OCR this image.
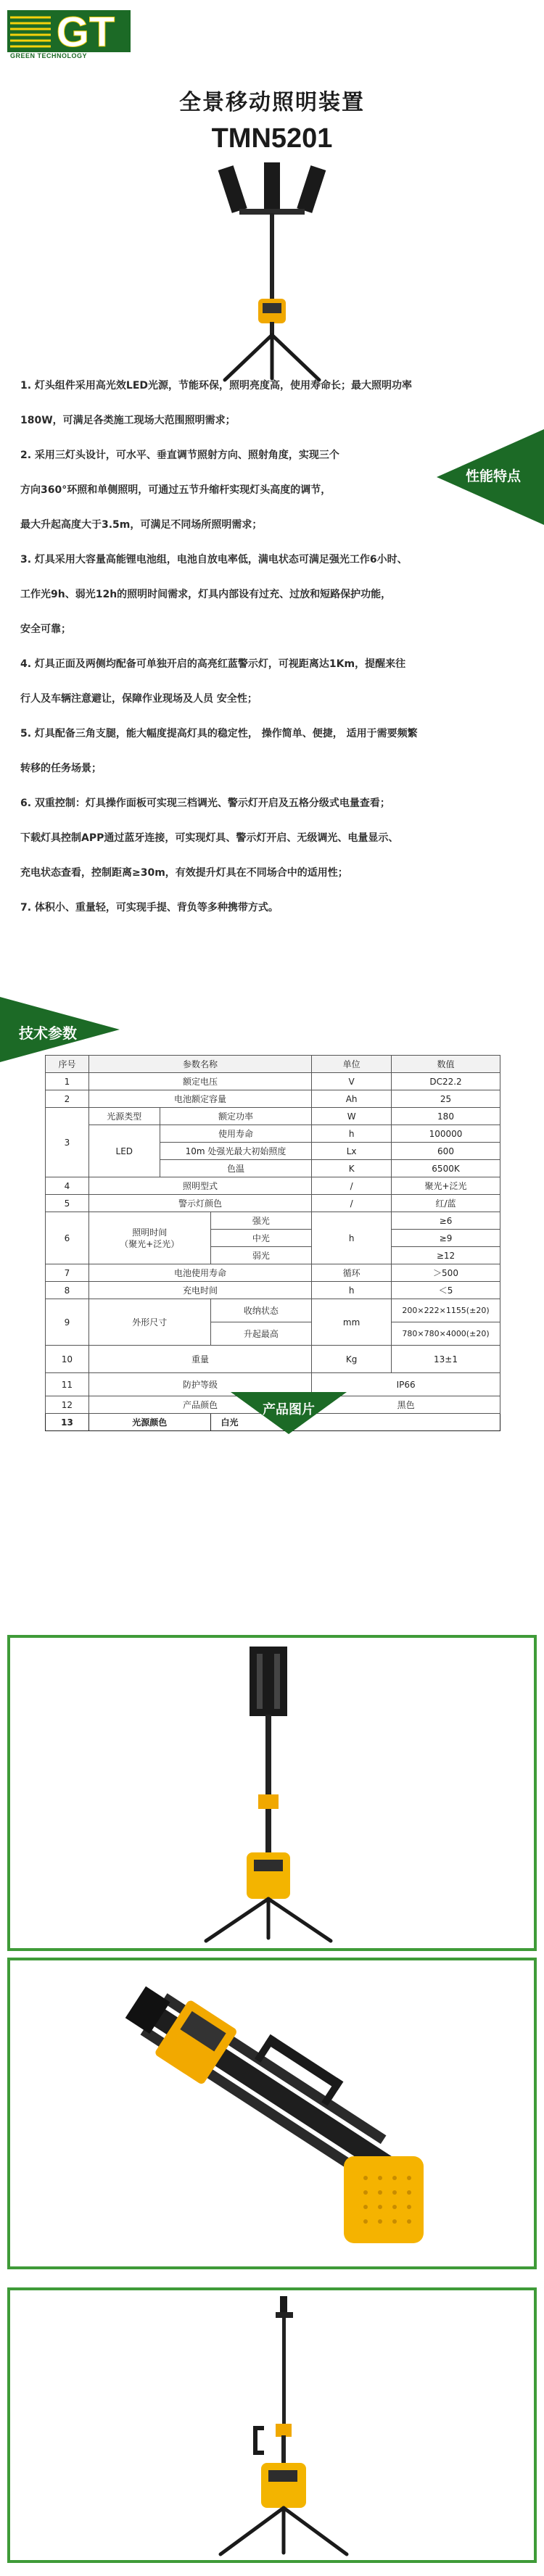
GT
GREEN TECHNOLOGY
全景移动照明装置
TMN5201
性能特点
1. 灯头组件采用高光效LED光源，节能环保，照明亮度高，使用寿命长；最大照明功率
180W，可满足各类施工现场大范围照明需求；
2. 采用三灯头设计，可水平、垂直调节照射方向、照射角度，实现三个
方向360°环照和单侧照明，可通过五节升缩杆实现灯头高度的调节，
最大升起高度大于3.5m，可满足不同场所照明需求；
3. 灯具采用大容量高能锂电池组，电池自放电率低，满电状态可满足强光工作6小时、
工作光9h、弱光12h的照明时间需求，灯具内部设有过充、过放和短路保护功能，
安全可靠；
4. 灯具正面及两侧均配备可单独开启的高亮红蓝警示灯，可视距离达1Km，提醒来往
行人及车辆注意避让，保障作业现场及人员 安全性；
5. 灯具配备三角支腿，能大幅度提高灯具的稳定性， 操作简单、便捷， 适用于需要频繁
转移的任务场景；
6. 双重控制：灯具操作面板可实现三档调光、警示灯开启及五格分级式电量查看；
下载灯具控制APP通过蓝牙连接，可实现灯具、警示灯开启、无级调光、电量显示、
充电状态查看，控制距离≥30m，有效提升灯具在不同场合中的适用性；
7. 体积小、重量轻，可实现手提、背负等多种携带方式。
技术参数
序号	参数名称			单位	数值
1	额定电压			V	DC22.2
2	电池额定容量			Ah	25
3	光源类型	额定功率		W	180
	LED	使用寿命		h	100000
		10m 处强光最大初始照度		Lx	600
		色温		K	6500K
4	照明型式			/	聚光+泛光
5	警示灯颜色			/	红/蓝
6	照明时间
（聚光+泛光）		强光	h	≥6
			中光		≥9
			弱光		≥12
7	电池使用寿命			循环	＞500
8	充电时间			h	＜5
9	外形尺寸		收纳状态	mm	200×222×1155(±20)
			升起最高		780×780×4000(±20)
10	重量			Kg	13±1
11	防护等级			IP66	
12	产品颜色			黑色	
13	光源颜色		白光		
产品图片
